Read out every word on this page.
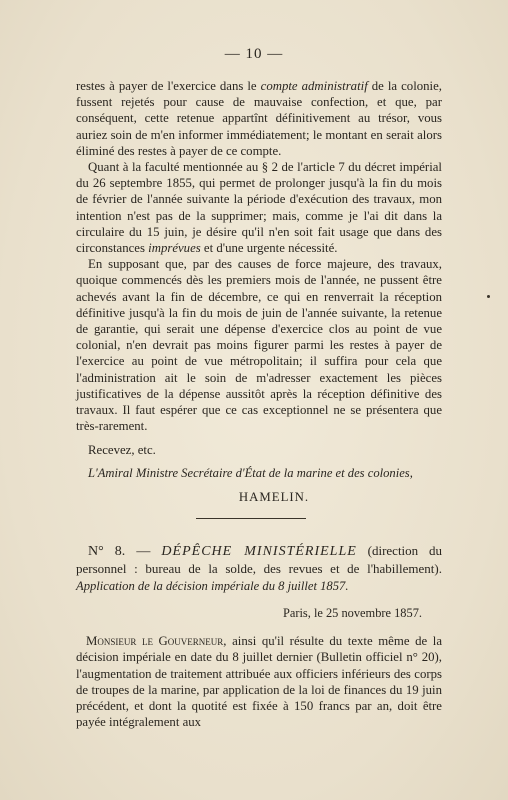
— 10 —

restes à payer de l'exercice dans le compte administratif de la colonie, fussent rejetés pour cause de mauvaise confection, et que, par conséquent, cette retenue appartînt définitivement au trésor, vous auriez soin de m'en informer immédiatement; le montant en serait alors éliminé des restes à payer de ce compte.

Quant à la faculté mentionnée au § 2 de l'article 7 du décret impérial du 26 septembre 1855, qui permet de prolonger jusqu'à la fin du mois de février de l'année suivante la période d'exécution des travaux, mon intention n'est pas de la supprimer; mais, comme je l'ai dit dans la circulaire du 15 juin, je désire qu'il n'en soit fait usage que dans des circonstances imprévues et d'une urgente nécessité.

En supposant que, par des causes de force majeure, des travaux, quoique commencés dès les premiers mois de l'année, ne pussent être achevés avant la fin de décembre, ce qui en renverrait la réception définitive jusqu'à la fin du mois de juin de l'année suivante, la retenue de garantie, qui serait une dépense d'exercice clos au point de vue colonial, n'en devrait pas moins figurer parmi les restes à payer de l'exercice au point de vue métropolitain; il suffira pour cela que l'administration ait le soin de m'adresser exactement les pièces justificatives de la dépense aussitôt après la réception définitive des travaux. Il faut espérer que ce cas exceptionnel ne se présentera que très-rarement.

Recevez, etc.

L'Amiral Ministre Secrétaire d'État de la marine et des colonies,

HAMELIN.

N° 8. — DÉPÊCHE MINISTÉRIELLE (direction du personnel : bureau de la solde, des revues et de l'habillement). Application de la décision impériale du 8 juillet 1857.

Paris, le 25 novembre 1857.

Monsieur le Gouverneur, ainsi qu'il résulte du texte même de la décision impériale en date du 8 juillet dernier (Bulletin officiel n° 20), l'augmentation de traitement attribuée aux officiers inférieurs des corps de troupes de la marine, par application de la loi de finances du 19 juin précédent, et dont la quotité est fixée à 150 francs par an, doit être payée intégralement aux
